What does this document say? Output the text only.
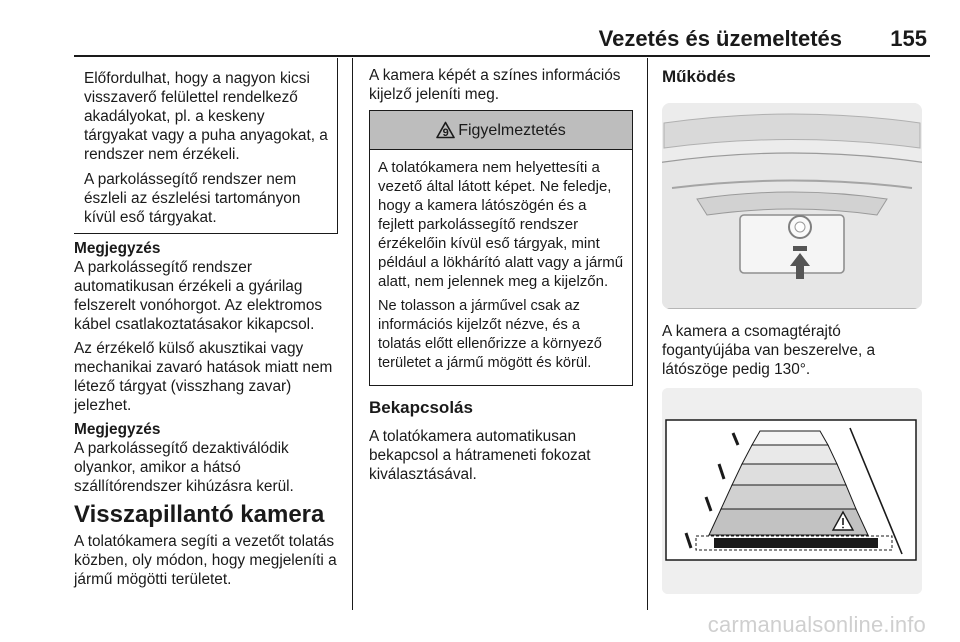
Vezetés és üzemeltetés 155

Előfordulhat, hogy a nagyon kicsi visszaverő felülettel rendelkező akadályokat, pl. a keskeny tárgyakat vagy a puha anyagokat, a rendszer nem érzékeli.

A parkolássegítő rendszer nem észleli az észlelési tartományon kívül eső tárgyakat.

Megjegyzés

A parkolássegítő rendszer automatikusan érzékeli a gyárilag felszerelt vonóhorgot. Az elektromos kábel csatlakoztatásakor kikapcsol.

Az érzékelő külső akusztikai vagy mechanikai zavaró hatások miatt nem létező tárgyat (visszhang zavar) jelezhet.

Megjegyzés

A parkolássegítő dezaktiválódik olyankor, amikor a hátsó szállítórendszer kihúzásra kerül.

Visszapillantó kamera

A tolatókamera segíti a vezetőt tolatás közben, oly módon, hogy megjeleníti a jármű mögötti területet.

A kamera képét a színes információs kijelző jeleníti meg.

9 Figyelmeztetés

A tolatókamera nem helyettesíti a vezető által látott képet. Ne feledje, hogy a kamera látószögén és a fejlett parkolássegítő rendszer érzékelőin kívül eső tárgyak, mint például a lökhárító alatt vagy a jármű alatt, nem jelennek meg a kijelzőn.

Ne tolasson a járművel csak az információs kijelzőt nézve, és a tolatás előtt ellenőrizze a környező területet a jármű mögött és körül.

Bekapcsolás

A tolatókamera automatikusan bekapcsol a hátrameneti fokozat kiválasztásával.

Működés

A kamera a csomagtérajtó fogantyújába van beszerelve, a látószöge pedig 130°.

carmanualsonline.info
